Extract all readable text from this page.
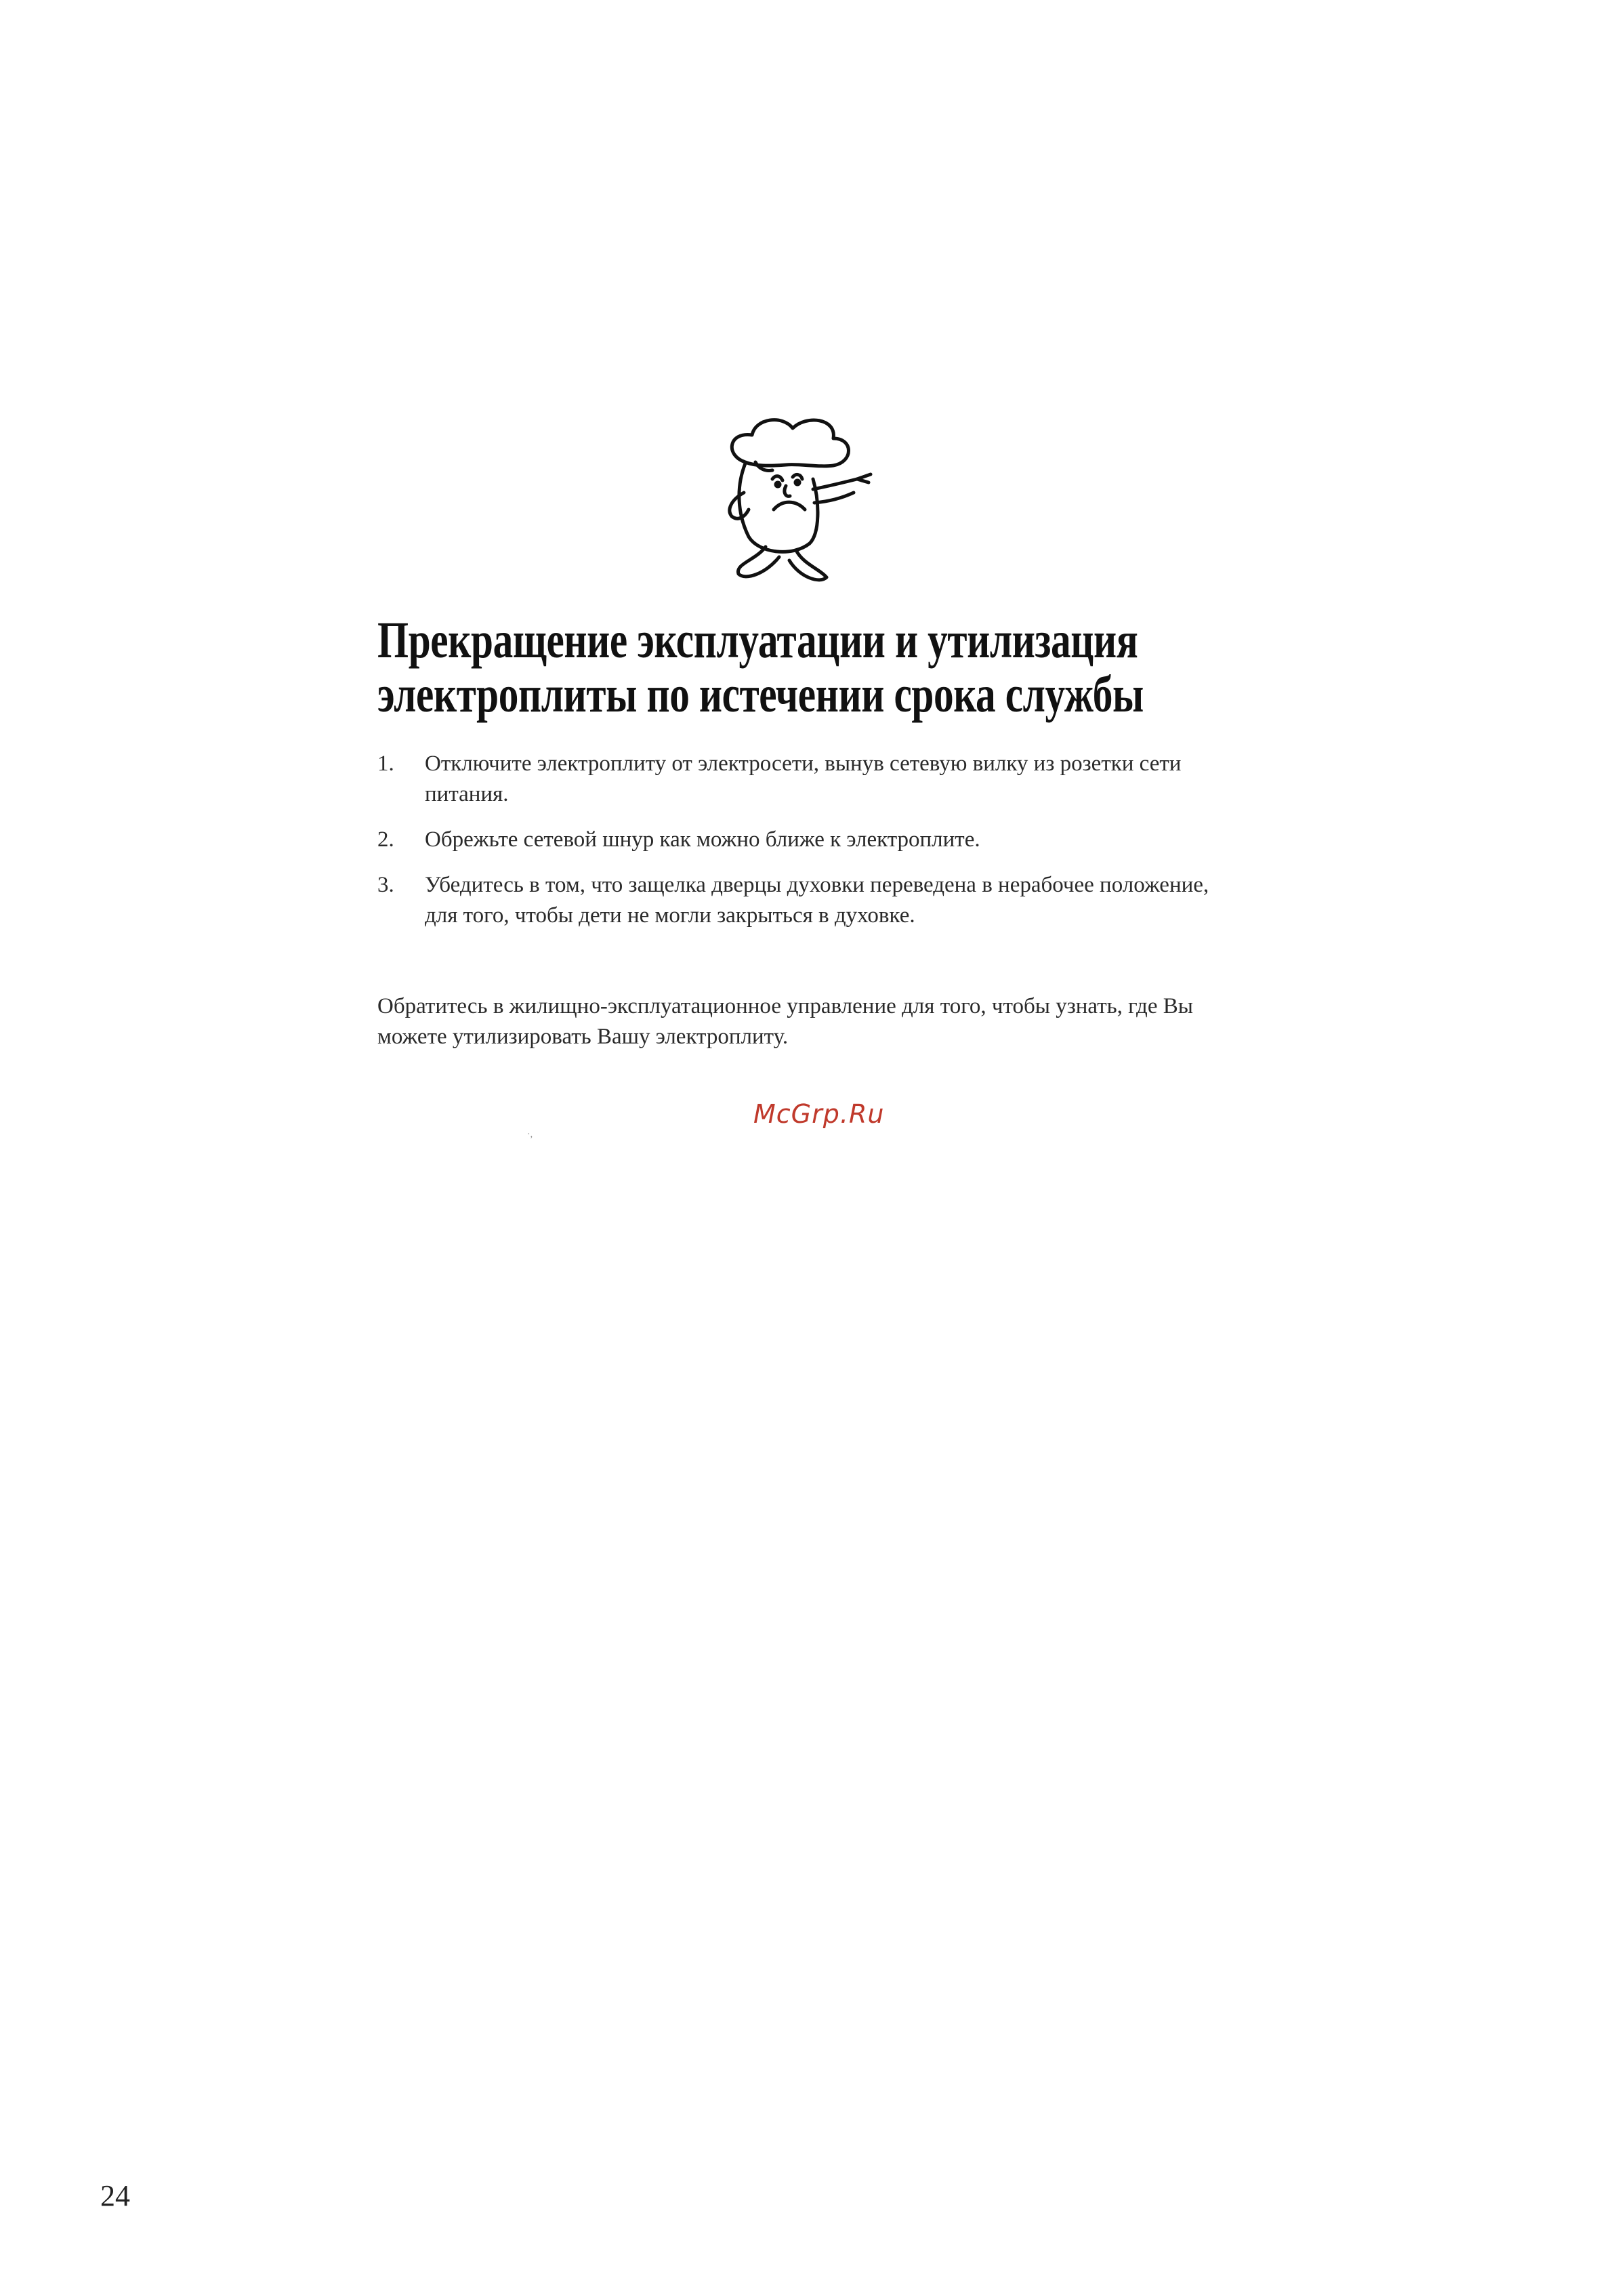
Прекращение эксплуатации и утилизация
электроплиты по истечении срока службы
1. Отключите электроплиту от электросети, вынув сетевую вилку из розетки сети питания.
2. Обрежьте сетевой шнур как можно ближе к электроплите.
3. Убедитесь в том, что защелка дверцы духовки переведена в нерабочее положение, для того, чтобы дети не могли закрыться в духовке.

Обратитесь в жилищно-эксплуатационное управление для того, чтобы узнать, где Вы можете утилизировать Вашу электроплиту.

·,
McGrp.Ru
24
